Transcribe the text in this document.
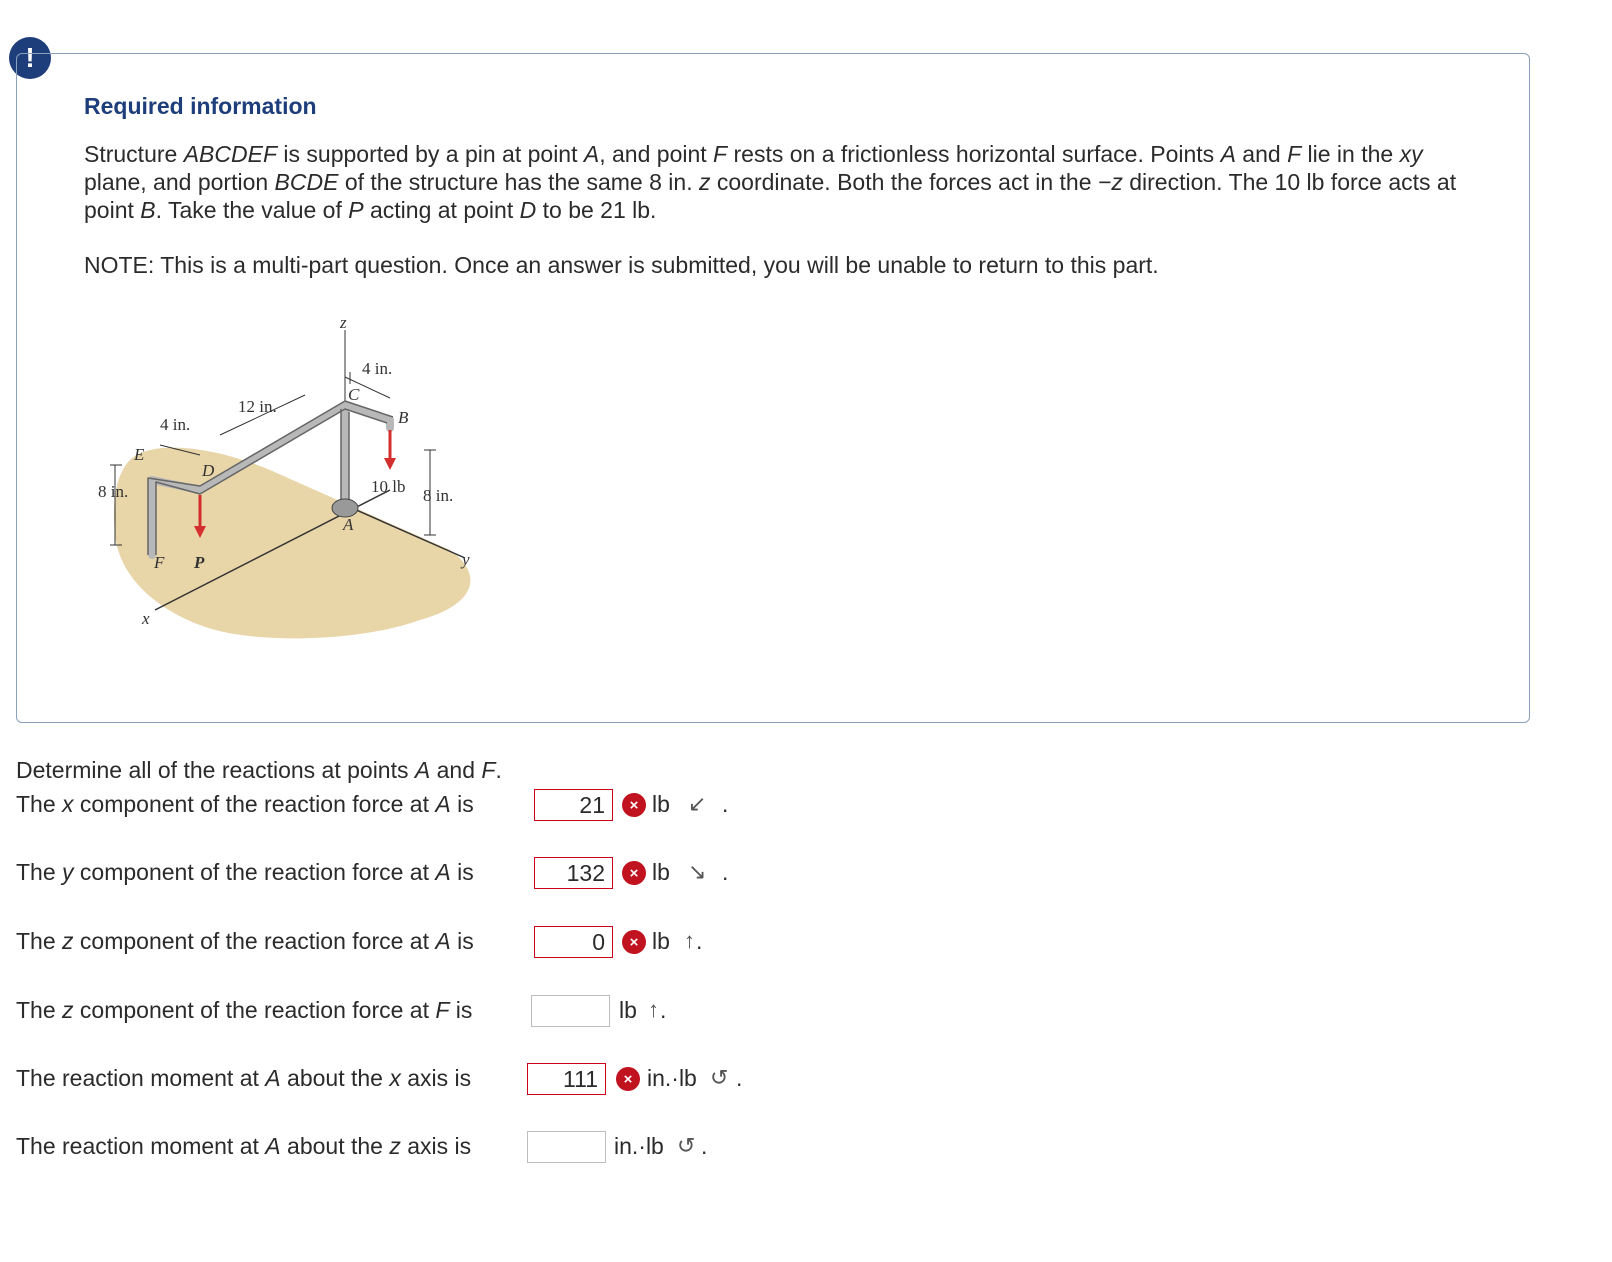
!
Required information
Structure ABCDEF is supported by a pin at point A, and point F rests on a frictionless horizontal surface. Points A and F lie in the xy plane, and portion BCDE of the structure has the same 8 in. z coordinate. Both the forces act in the −z direction. The 10 lb force acts at point B. Take the value of P acting at point D to be 21 lb.
NOTE: This is a multi-part question. Once an answer is submitted, you will be unable to return to this part.
z
4 in.
12 in.
4 in.
C
B
E
D
8 in.	10 lb 8 in.
A
F P	y
x
Determine all of the reactions at points A and F.
The x component of the reaction force at A is
21	× lb ↙ .
The y component of the reaction force at A is
132	× lb ↘ .
The z component of the reaction force at A is
0	× lb ↑ .
The z component of the reaction force at F is	lb ↑ .
The reaction moment at A about the x axis is
111	× in.·lb ↺ .
The reaction moment at A about the z axis is	in.·lb ↺ .
